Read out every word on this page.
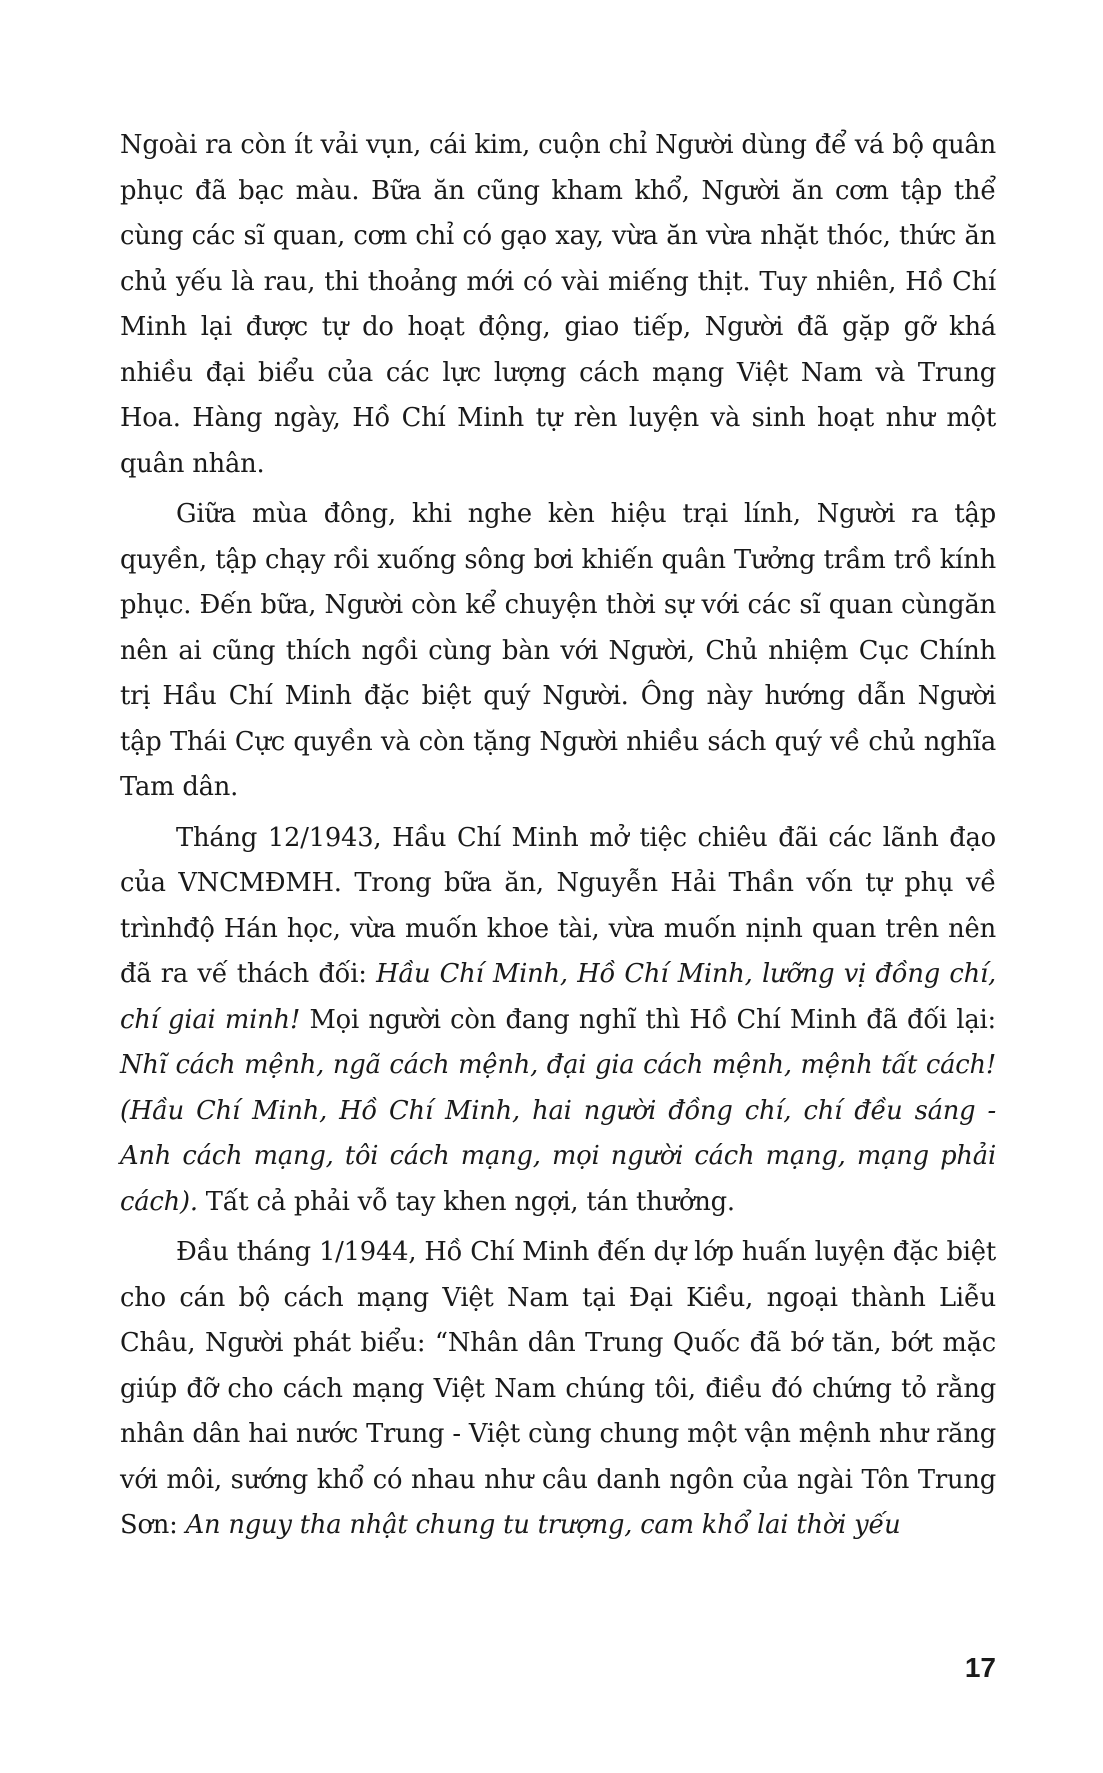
Ngoài ra còn ít vải vụn, cái kim, cuộn chỉ Người dùng để vá bộ quân phục đã bạc màu. Bữa ăn cũng kham khổ, Người ăn cơm tập thể cùng các sĩ quan, cơm chỉ có gạo xay, vừa ăn vừa nhặt thóc, thức ăn chủ yếu là rau, thi thoảng mới có vài miếng thịt. Tuy nhiên, Hồ Chí Minh lại được tự do hoạt động, giao tiếp, Người đã gặp gỡ khá nhiều đại biểu của các lực lượng cách mạng Việt Nam và Trung Hoa. Hàng ngày, Hồ Chí Minh tự rèn luyện và sinh hoạt như một quân nhân.

Giữa mùa đông, khi nghe kèn hiệu trại lính, Người ra tập quyền, tập chạy rồi xuống sông bơi khiến quân Tưởng trầm trồ kính phục. Đến bữa, Người còn kể chuyện thời sự với các sĩ quan cùngăn nên ai cũng thích ngồi cùng bàn với Người, Chủ nhiệm Cục Chính trị Hầu Chí Minh đặc biệt quý Người. Ông này hướng dẫn Người tập Thái Cực quyền và còn tặng Người nhiều sách quý về chủ nghĩa Tam dân.

Tháng 12/1943, Hầu Chí Minh mở tiệc chiêu đãi các lãnh đạo của VNCMĐMH. Trong bữa ăn, Nguyễn Hải Thần vốn tự phụ về trìnhđộ Hán học, vừa muốn khoe tài, vừa muốn nịnh quan trên nên đã ra vế thách đối: Hầu Chí Minh, Hồ Chí Minh, lưỡng vị đồng chí, chí giai minh! Mọi người còn đang nghĩ thì Hồ Chí Minh đã đối lại: Nhĩ cách mệnh, ngã cách mệnh, đại gia cách mệnh, mệnh tất cách! (Hầu Chí Minh, Hồ Chí Minh, hai người đồng chí, chí đều sáng - Anh cách mạng, tôi cách mạng, mọi người cách mạng, mạng phải cách). Tất cả phải vỗ tay khen ngợi, tán thưởng.

Đầu tháng 1/1944, Hồ Chí Minh đến dự lớp huấn luyện đặc biệt cho cán bộ cách mạng Việt Nam tại Đại Kiều, ngoại thành Liễu Châu, Người phát biểu: “Nhân dân Trung Quốc đã bớ tăn, bớt mặc giúp đỡ cho cách mạng Việt Nam chúng tôi, điều đó chứng tỏ rằng nhân dân hai nước Trung - Việt cùng chung một vận mệnh như răng với môi, sướng khổ có nhau như câu danh ngôn của ngài Tôn Trung Sơn: An nguy tha nhật chung tu trượng, cam khổ lai thời yếu

17
